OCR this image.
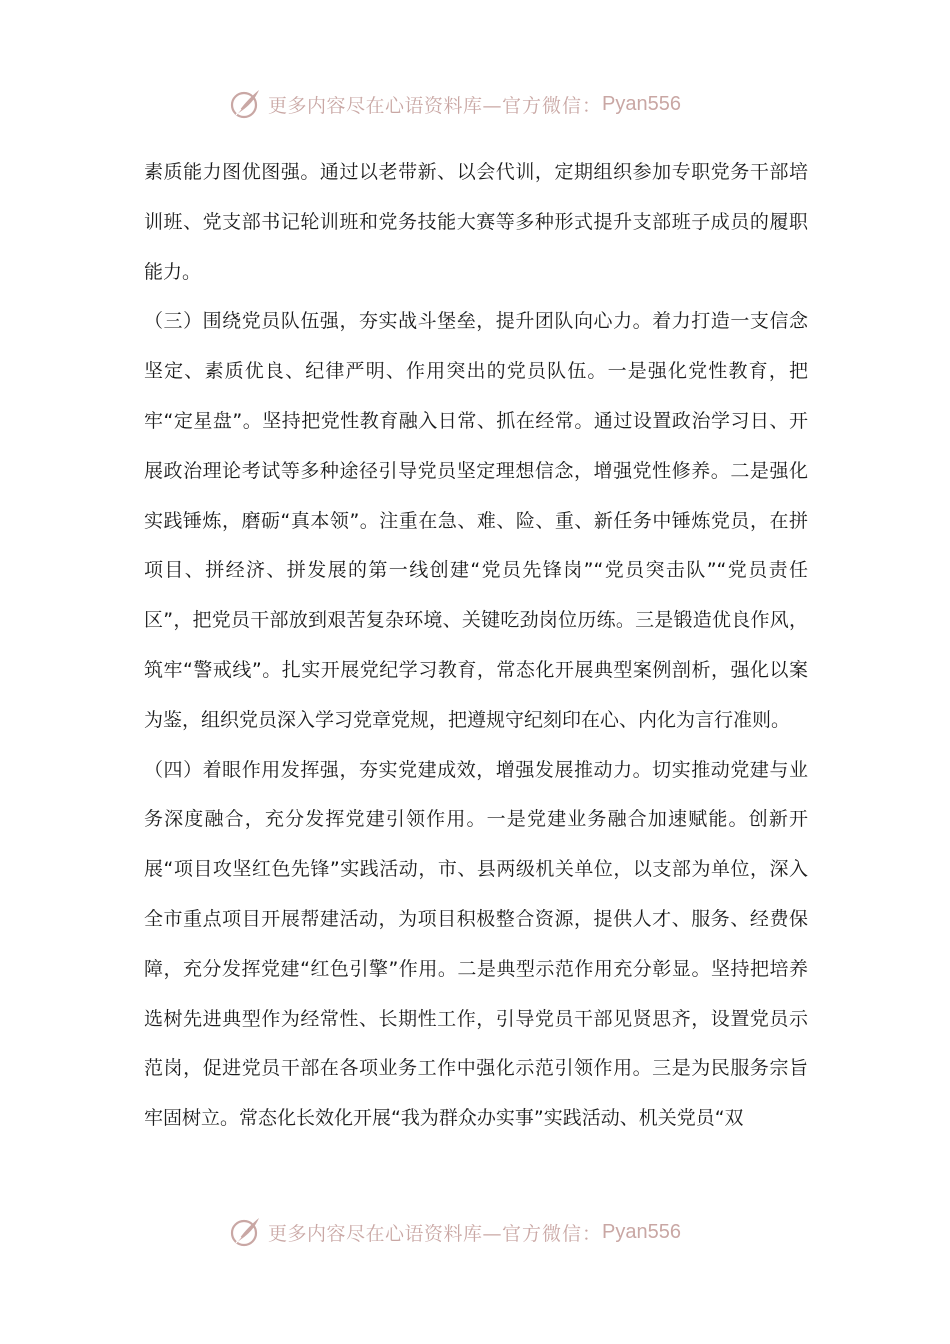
更多内容尽在心语资料库— 官方微信： Pyan556

素质能力图优图强。通过以老带新、以会代训，定期组织参加专职党务干部培训班、党支部书记轮训班和党务技能大赛等多种形式提升支部班子成员的履职能力。

（三）围绕党员队伍强，夯实战斗堡垒，提升团队向心力。着力打造一支信念坚定、素质优良、纪律严明、作用突出的党员队伍。一是强化党性教育，把牢“定星盘”。坚持把党性教育融入日常、抓在经常。通过设置政治学习日、开展政治理论考试等多种途径引导党员坚定理想信念，增强党性修养。二是强化实践锤炼，磨砺“真本领”。注重在急、难、险、重、新任务中锤炼党员，在拼项目、拼经济、拼发展的第一线创建“党员先锋岗”“党员突击队”“党员责任区”，把党员干部放到艰苦复杂环境、关键吃劲岗位历练。三是锻造优良作风，筑牢“警戒线”。扎实开展党纪学习教育，常态化开展典型案例剖析，强化以案为鉴，组织党员深入学习党章党规，把遵规守纪刻印在心、内化为言行准则。

（四）着眼作用发挥强，夯实党建成效，增强发展推动力。切实推动党建与业务深度融合，充分发挥党建引领作用。一是党建业务融合加速赋能。创新开展“项目攻坚红色先锋”实践活动，市、县两级机关单位，以支部为单位，深入全市重点项目开展帮建活动，为项目积极整合资源，提供人才、服务、经费保障，充分发挥党建“红色引擎”作用。二是典型示范作用充分彰显。坚持把培养选树先进典型作为经常性、长期性工作，引导党员干部见贤思齐，设置党员示范岗，促进党员干部在各项业务工作中强化示范引领作用。三是为民服务宗旨牢固树立。常态化长效化开展“我为群众办实事”实践活动、机关党员“双

更多内容尽在心语资料库— 官方微信： Pyan556
